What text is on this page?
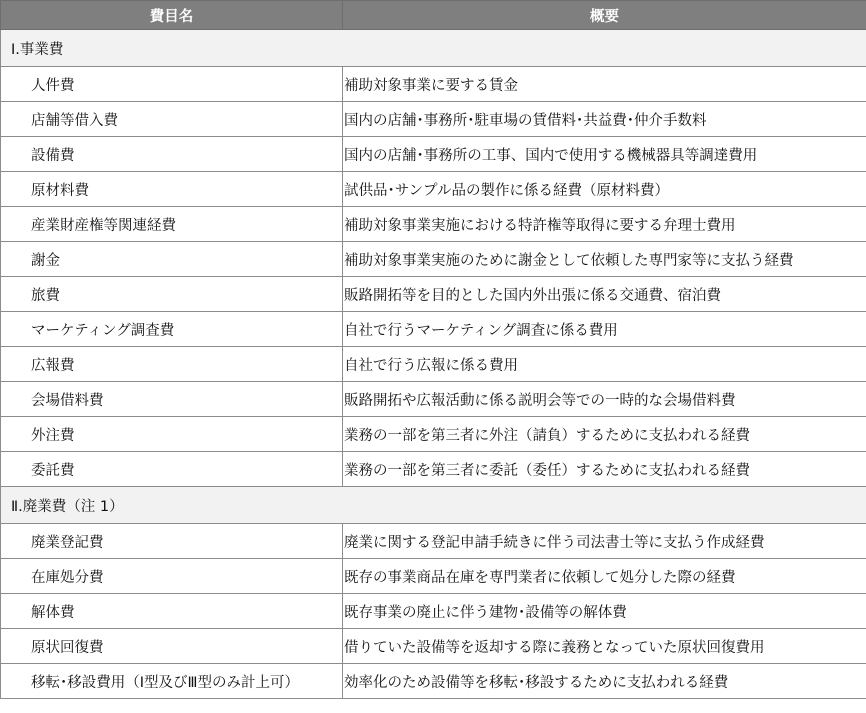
費目名	概要
Ⅰ.事業費	
人件費	補助対象事業に要する賃金
店舗等借入費	国内の店舗･事務所･駐車場の賃借料･共益費･仲介手数料
設備費	国内の店舗･事務所の工事、国内で使用する機械器具等調達費用
原材料費	試供品･サンプル品の製作に係る経費（原材料費）
産業財産権等関連経費	補助対象事業実施における特許権等取得に要する弁理士費用
謝金	補助対象事業実施のために謝金として依頼した専門家等に支払う経費
旅費	販路開拓等を目的とした国内外出張に係る交通費、宿泊費
マーケティング調査費	自社で行うマーケティング調査に係る費用
広報費	自社で行う広報に係る費用
会場借料費	販路開拓や広報活動に係る説明会等での一時的な会場借料費
外注費	業務の一部を第三者に外注（請負）するために支払われる経費
委託費	業務の一部を第三者に委託（委任）するために支払われる経費
Ⅱ.廃業費（注 1）	
廃業登記費	廃業に関する登記申請手続きに伴う司法書士等に支払う作成経費
在庫処分費	既存の事業商品在庫を専門業者に依頼して処分した際の経費
解体費	既存事業の廃止に伴う建物･設備等の解体費
原状回復費	借りていた設備等を返却する際に義務となっていた原状回復費用
移転･移設費用（Ⅰ型及びⅢ型のみ計上可）	効率化のため設備等を移転･移設するために支払われる経費
